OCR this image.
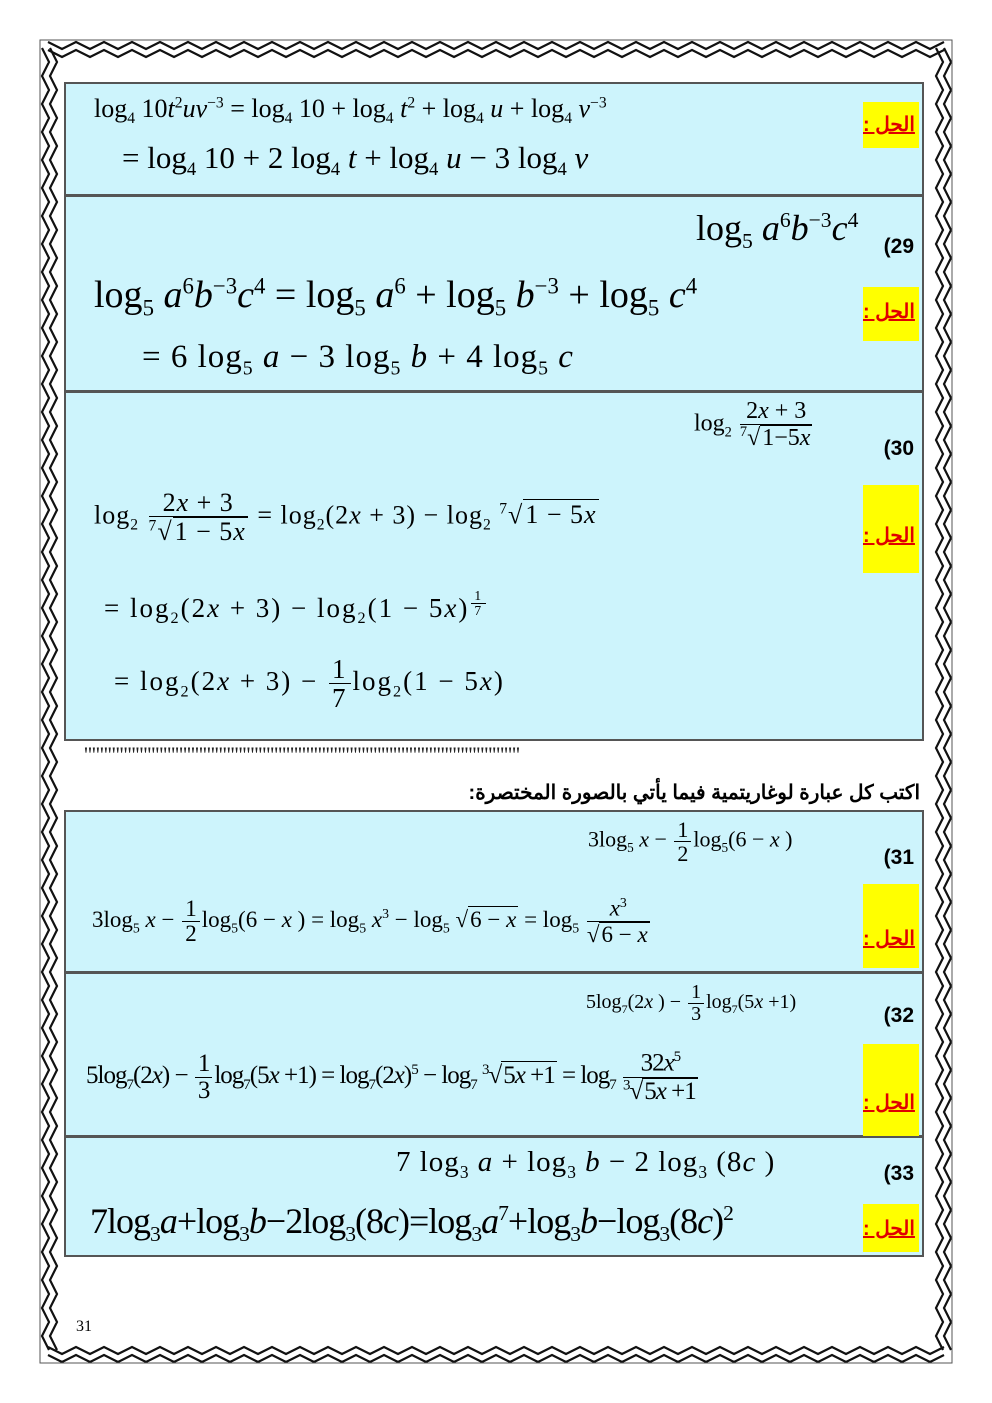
الحل :
$\log_4 10t^2uv^{-3} = \log_4 10 + \log_4 t^2 + \log_4 u + \log_4 v^{-3}$
= $\log_4 10 + 2$ $\log_4 t + \log_4 u - 3$ $\log_4 v$
(29
$\log_5 a^6b^{-3}c^4$
الحل :
$\log_5 a^6b^{-3}c^4 = \log_5 a^6 + \log_5 b^{-3} + \log_5 c^4$
= 6 $\log_5 a - 3$ $\log_5 b + 4$ $\log_5 c$
(30
$\log_2 \frac{2x + 3}{^7√1-5x}$
الحل :
$\log_2 \frac{2x + 3}{^7√1 - 5x} = \log_2(2x + 3) - \log_2 ^7√1 - 5x$
= $\log_2(2x + 3) - \log_2(1 - 5x)$ $^{\frac{1}{7}}$
= $\log_2(2x + 3) - \frac{1}{7} \log_2(1 - 5x)$
''''''''''''''''''''''''''''''''''''''''''''''''''''''''''''''''''''''''''''''''''''''''''''''''''''''''''''''
اكتب كل عبارة لوغاريتمية فيما يأتي بالصورة المختصرة:
(31
$3\log_5$ $x - \frac{1}{2} \log_5(6 - x$ )
الحل :
$3\log_5$ $x - \frac{1}{2} \log_5(6 - x$ ) = $\log_5 x^3 - \log_5 √6 - x = \log_5 \frac{x^3}{√6 - x}$
(32
$5\log_7(2x$ ) − $\frac{1}{3} \log_7(5x +1)$
الحل :
$5\log_7(2x) - \frac{1}{3} \log_7(5x +1) = \log_7(2x)^5 - \log_7 ^3√5x +1 = \log_7 \frac{32x^5}{^3√5x +1}$
(33
7 $\log_3 a + \log_3 b - 2$ $\log_3 (8c$ )
الحل :
$7\log_3a+\log_3b-2\log_3(8c)=\log_3a^7+\log_3b-\log_3(8c)^2$
31
